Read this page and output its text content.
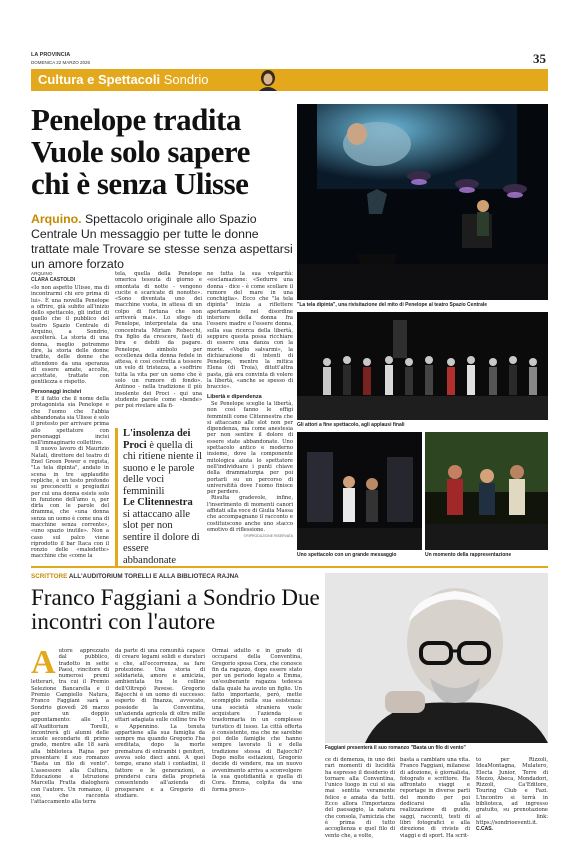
LA PROVINCIA
DOMENICA 22 MARZO 2026	35
Cultura e Spettacoli Sondrio
Penelope tradita Vuole solo sapere chi è senza Ulisse
Arquino. Spettacolo originale allo Spazio Centrale Un messaggio per tutte le donne trattate male Trovare se stesse senza aspettarsi un amore forzato
"La tela dipinta", una rivisitazione del mito di Penelope al teatro Spazio Centrale
Gli attori a fine spettacolo, agli applausi finali
Uno spettacolo con un grande messaggio	Un momento della rappresentazione
ARQUINO
CLARA CASTOLDI

«Io non aspetto Ulisse, ma di incontrarmi chi ero prima di lui». È una novella Penelope a offrire, già subito all'inizio dello spettacolo, gli indizi di quello che il pubblico del teatro Spazio Centrale di Arquino, a Sondrio, ascolterà. La storia di una donna, meglio potremmo dire, la storia delle donne tradite, delle donne che attendono da una speranza di essere amate, accolte, accettate, trattate con gentilezza e rispetto.

Personaggi incisivi

E il fatto che il nome della protagonista sia Penelope e che l'uomo che l'abbia abbandonata sia Ulisse è solo il pretesto per arrivare prima allo spettatore con personaggi incisi nell'immaginario collettivo.

Il nuovo lavoro di Maurizio Natali, direttore del teatro di Enel Green Power e regista, "La tela dipinta", andato in scena in tre applaudite repliche, è un testo profondo su preconcetti e pregiudizi per cui una donna esiste solo in funzione dell'amo o, per dirla con le parole del dramma, che «una donna senza un uomo è come una di macchine senza corrente», «uno spazio inutile». Non a caso sul palco viene riprodotto il bar Itaca con il ronzio delle «maledette» macchine che «come la

tela, quella della Penelope omerica tessuta di giorno e smontata di notte - vengono cucite e scaricate di nonotte». «Sono diventata uno dei macchine vuota, in attesa di un colpo di fortuna che non arriverà mai». Lo sfogo di Penelope, interpretata da una concentrata Miriam Rebecchi, fra figlio da crescere, fasti di bira e debiti da pagare. Penelope, simbolo per eccellenza della donna fedele in attesa, è così costretta a tessere un velo di tristezza, a «soffrire tutta la vita per un uomo che è solo un rumore di fondo». Antinoo - nella tradizione il più insolente dei Proci - qui una studente parole come «bende» per poi rivelare alla fi-

L'insolenza dei Proci è quella di chi ritiene niente il suono e le parole delle voci femminili
Le Clitennestra si attaccano alle slot per non sentire il dolore di essere abbandonate

ne tutta la sua volgarità: «esclamazione: «Sedurre una donna - dice - è come scollare il rumore del mare in una conchiglia». Ecco che "la tela dipinta" inizia a riflettere apertamente nel disordine interiore della donna fra l'essere madre e l'essere donna, sulla sua ricerca della libertà, seppure questa possa ricchiare di essere una danza con la morte. «Voglio salvarmi», la dichiarazione di intenti di Penelope, mentre la mitica Elena (di Troia), ditutt'altra pasta, già era convinta di volere la libertà, «anche se spesso di braccio».

Libertà e dipendenza

Se Penelope sceglie la libertà, non così fanno le effigi femminili come Clitennestra che si attaccano alle slot non per dipendenza, ma come anestesia per non sentire il dolore di essere state abbandonate. Uno spettacolo antico e moderno insieme, dove la componente mitologica aiuta lo spettatore nell'individuare i punti chiave della drammaturgia per poi portarli su un percorso di universitità dove l'uomo finisce per perdere.

Risulta gradevole, infine, l'inserimento di momenti canori affidati alla voce di Giulia Massa che accompagnano il racconto e costituiscono anche uno stacco emotivo di riflessione.

©RIPRODUZIONE RISERVATA
SCRITTORE ALL'AUDITORIUM TORELLI E ALLA BIBLIOTECA RAJNA
Franco Faggiani a Sondrio Due incontri con l'autore
Faggiani presenterà il suo romanzo "Basta un filo di vento"
A utore apprezzato dal pubblico, tradotto in sette Paesi, vincitore di numerosi premi letterari, tra cui il Premio Selezione Bancarella e il Premio Campiello Natura, Franco Faggiani sarà a Sondrio giovedì 26 marzo per un doppio appuntamento: alle 11, all'Auditorium Torelli, incontrerà gli alunni delle scuole secondarie di primo grado, mentre alle 18 sarà alla biblioteca Rajna per presentare il suo romanzo "Basta un filo di vento". L'assessore alla Cultura, Educazione e Istruzione Marcella Fratta dialogherà con l'autore. Un romanzo, il suo, che racconta l'attaccamento alla terra

da parte di una comunità capace di creare legami solidi e duraturi e che, all'occorrenza, sa fare protezione. Una storia di solidarietà, amore e amicizia, ambientata tra le colline dell'Oltrepò Pavese. Gregorio Bajocchi è un uomo di successo: esperto di finanza, avvocato, possiede la Conventina, un'azienda agricola di oltre mille ettari adagiata sulle colline tra Po e Appennino. La tenuta appartiene alla sua famiglia da sempre ma quando Gregorio l'ha ereditata, dopo la morte prematura di entrambi i genitori, aveva solo dieci anni. A quei tempo, erano stati i contadini, il fattore e le generazioni, a prendersi cura della proprietà consentendo all'azienda di prosperare e a Gregorio di studiare.

Ormai adulto e in grado di occuparsi della Conventina, Gregorio sposa Cora, che conosce fin da ragazzo, dopo essere stato per un periodo legato a Emma, un'esuberante ragazza tedesca dalla quale ha avuto un figlio. Un fatto importante, però, mette scompiglio nella sua esistenza: una società straniera vuole acquistare l'azienda e trasformarla in un complesso turistico di lusso. La città offerta è consistente, ma che ne sarebbe poi delle famiglie che hanno sempre lavorato lì e della tradizione stessa di Bajocchi? Dopo molte esitazioni, Gregorio decide di vendere, ma un nuovo avvenimento arriva a sconvolgere la sua quotidianità e quella di Cora. Emma, colpita da una forma preco-

ce di demenza, in uno dei rari momenti di lucidità ha espresso il desiderio di tornare alla Conventina, l'unico luogo in cui si sia mai sentita veramente felice e amata da tutti. Ecco allora l'importanza del paesaggio, la natura che consola, l'amicizia che è prima di tutto accoglienza e quel filo di vento che, a volte,

basta a cambiare una vita. Franco Faggiani, milanese di adozione, è giornalista, fotografo e scrittore. Ha affrontato viaggi e reportage in diverse parti del mondo per poi dedicarsi alla realizzazione di guide, saggi, racconti, testi di libri fotografici e alla direzione di riviste di viaggi e di sport. Ha scrit-

to per Rizzoli, IdeaMontagna, Mulatero, Electa Junior, Terre di Mezzo, Abeca, Mondadori, Rizzoli, Ca'Editore, Touring Club e Fazi. L'incontro si terrà in biblioteca, ad ingresso gratuito, su prenotazione al link: https://sondrioeventi.it.

C.CAS.
